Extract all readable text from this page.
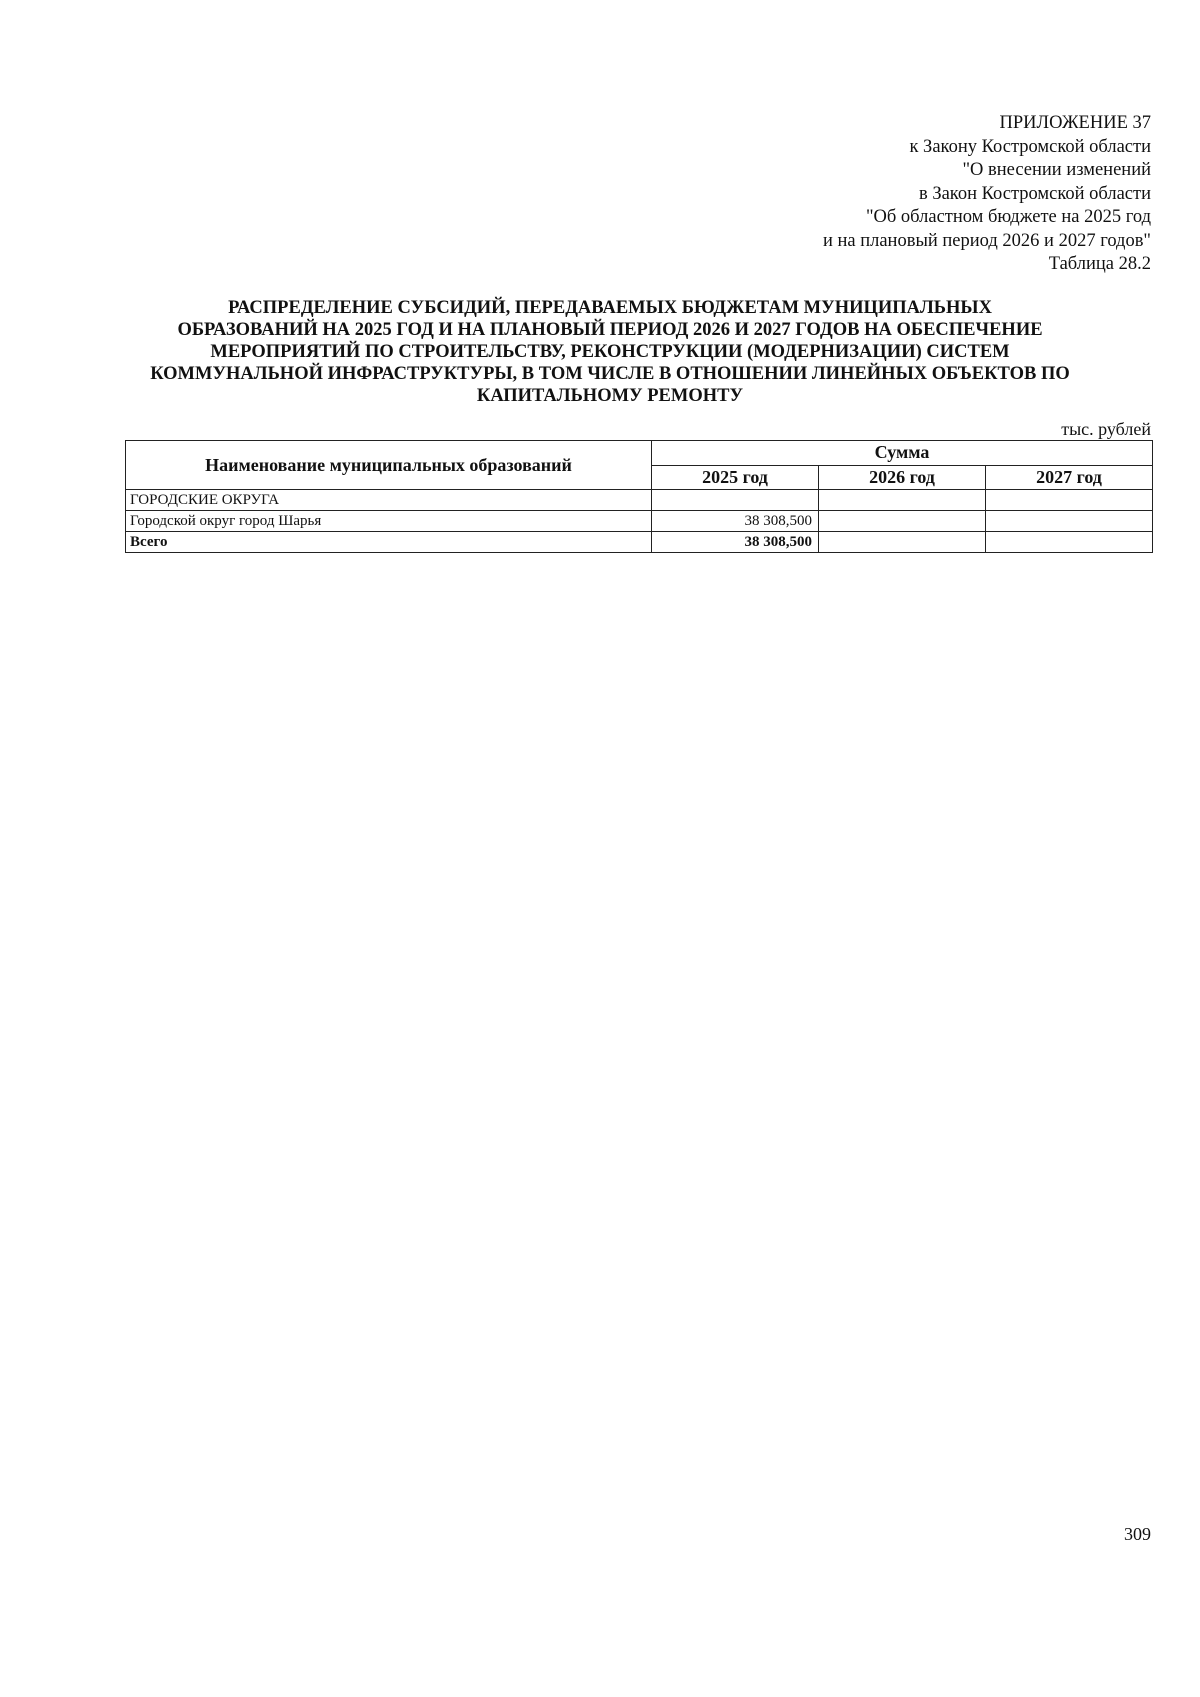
ПРИЛОЖЕНИЕ 37
к Закону Костромской области
"О внесении изменений
в Закон Костромской области
"Об областном бюджете на 2025 год
и на плановый период 2026 и 2027 годов"
Таблица 28.2
РАСПРЕДЕЛЕНИЕ СУБСИДИЙ, ПЕРЕДАВАЕМЫХ БЮДЖЕТАМ МУНИЦИПАЛЬНЫХ
ОБРАЗОВАНИЙ НА 2025 ГОД И НА ПЛАНОВЫЙ ПЕРИОД 2026 И 2027 ГОДОВ НА ОБЕСПЕЧЕНИЕ
МЕРОПРИЯТИЙ ПО СТРОИТЕЛЬСТВУ, РЕКОНСТРУКЦИИ (МОДЕРНИЗАЦИИ) СИСТЕМ
КОММУНАЛЬНОЙ ИНФРАСТРУКТУРЫ, В ТОМ ЧИСЛЕ В ОТНОШЕНИИ ЛИНЕЙНЫХ ОБЪЕКТОВ ПО
КАПИТАЛЬНОМУ РЕМОНТУ
тыс. рублей
Наименование муниципальных образований	Сумма		
	2025 год	2026 год	2027 год
ГОРОДСКИЕ ОКРУГА			
Городской округ город Шарья	38 308,500		
Всего	38 308,500		
309
